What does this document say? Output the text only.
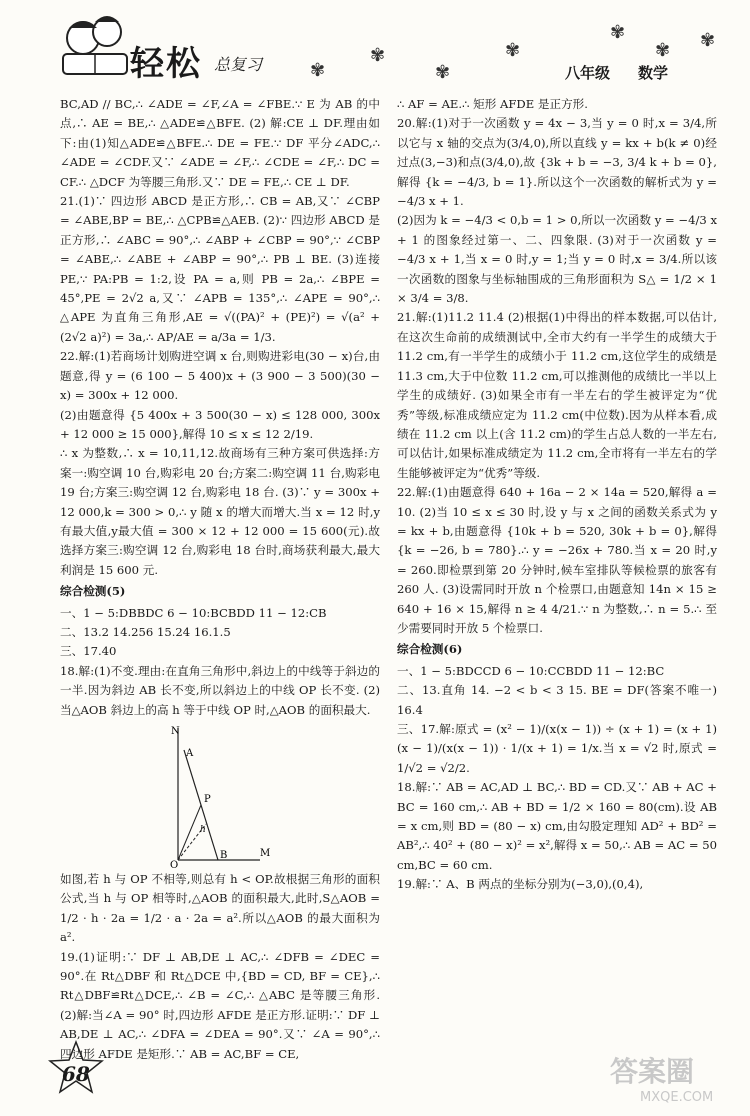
轻松 总复习	✾
✾
✾
✾
✾
✾ ✾
八年级 数学

BC,AD // BC,∴ ∠ADE = ∠F,∠A = ∠FBE.∵ E 为 AB 的中点,∴ AE = BE,∴ △ADE≌△BFE. (2) 解:CE ⊥ DF.理由如下:由(1)知△ADE≌△BFE.∴ DE = FE.∵ DF 平分∠ADC,∴ ∠ADE = ∠CDF.又∵ ∠ADE = ∠F,∴ ∠CDE = ∠F,∴ DC = CF.∴ △DCF 为等腰三角形.又∵ DE = FE,∴ CE ⊥ DF.

21.(1)∵ 四边形 ABCD 是正方形,∴ CB = AB,又∵ ∠CBP = ∠ABE,BP = BE,∴ △CPB≌△AEB. (2)∵ 四边形 ABCD 是正方形,∴ ∠ABC = 90°,∴ ∠ABP + ∠CBP = 90°,∵ ∠CBP = ∠ABE,∴ ∠ABE + ∠ABP = 90°,∴ PB ⊥ BE. (3)连接 PE,∵ PA:PB = 1:2,设 PA = a,则 PB = 2a,∴ ∠BPE = 45°,PE = 2√2 a,又∵ ∠APB = 135°,∴ ∠APE = 90°,∴ △APE 为直角三角形,AE = √((PA)² + (PE)²) = √(a² + (2√2 a)²) = 3a,∴ AP/AE = a/3a = 1/3.

22.解:(1)若商场计划购进空调 x 台,则购进彩电(30 − x)台,由题意,得 y = (6 100 − 5 400)x + (3 900 − 3 500)(30 − x) = 300x + 12 000.

(2)由题意得 {5 400x + 3 500(30 − x) ≤ 128 000, 300x + 12 000 ≥ 15 000},解得 10 ≤ x ≤ 12 2/19.

∴ x 为整数,∴ x = 10,11,12.故商场有三种方案可供选择:方案一:购空调 10 台,购彩电 20 台;方案二:购空调 11 台,购彩电 19 台;方案三:购空调 12 台,购彩电 18 台. (3)∵ y = 300x + 12 000,k = 300 > 0,∴ y 随 x 的增大而增大.当 x = 12 时,y 有最大值,y最大值 = 300 × 12 + 12 000 = 15 600(元).故选择方案三:购空调 12 台,购彩电 18 台时,商场获利最大,最大利润是 15 600 元.

综合检测(5)

一、1 − 5:DBBDC 6 − 10:BCBDD 11 − 12:CB

二、13.2 14.256 15.24 16.1.5

三、17.40

18.解:(1)不变.理由:在直角三角形中,斜边上的中线等于斜边的一半.因为斜边 AB 长不变,所以斜边上的中线 OP 长不变. (2)当△AOB 斜边上的高 h 等于中线 OP 时,△AOB 的面积最大.

N
A
P
h
O
B	M

如图,若 h 与 OP 不相等,则总有 h < OP.故根据三角形的面积公式,当 h 与 OP 相等时,△AOB 的面积最大,此时,S△AOB = 1/2 · h · 2a = 1/2 · a · 2a = a².所以△AOB 的最大面积为 a².

19.(1)证明:∵ DF ⊥ AB,DE ⊥ AC,∴ ∠DFB = ∠DEC = 90°.在 Rt△DBF 和 Rt△DCE 中,{BD = CD, BF = CE},∴ Rt△DBF≌Rt△DCE,∴ ∠B = ∠C,∴ △ABC 是等腰三角形. (2)解:当∠A = 90° 时,四边形 AFDE 是正方形.证明:∵ DF ⊥ AB,DE ⊥ AC,∴ ∠DFA = ∠DEA = 90°.又∵ ∠A = 90°,∴ 四边形 AFDE 是矩形.∵ AB = AC,BF = CE,

∴ AF = AE.∴ 矩形 AFDE 是正方形.

20.解:(1)对于一次函数 y = 4x − 3,当 y = 0 时,x = 3/4,所以它与 x 轴的交点为(3/4,0),所以直线 y = kx + b(k ≠ 0)经过点(3,−3)和点(3/4,0),故 {3k + b = −3, 3/4 k + b = 0},解得 {k = −4/3, b = 1}.所以这个一次函数的解析式为 y = −4/3 x + 1.

(2)因为 k = −4/3 < 0,b = 1 > 0,所以一次函数 y = −4/3 x + 1 的图象经过第一、二、四象限. (3)对于一次函数 y = −4/3 x + 1,当 x = 0 时,y = 1;当 y = 0 时,x = 3/4.所以该一次函数的图象与坐标轴围成的三角形面积为 S△ = 1/2 × 1 × 3/4 = 3/8.

21.解:(1)11.2 11.4 (2)根据(1)中得出的样本数据,可以估计,在这次生命前的成绩测试中,全市大约有一半学生的成绩大于 11.2 cm,有一半学生的成绩小于 11.2 cm,这位学生的成绩是 11.3 cm,大于中位数 11.2 cm,可以推测他的成绩比一半以上学生的成绩好. (3)如果全市有一半左右的学生被评定为“优秀”等级,标准成绩应定为 11.2 cm(中位数).因为从样本看,成绩在 11.2 cm 以上(含 11.2 cm)的学生占总人数的一半左右,可以估计,如果标准成绩定为 11.2 cm,全市将有一半左右的学生能够被评定为“优秀”等级.

22.解:(1)由题意得 640 + 16a − 2 × 14a = 520,解得 a = 10. (2)当 10 ≤ x ≤ 30 时,设 y 与 x 之间的函数关系式为 y = kx + b,由题意得 {10k + b = 520, 30k + b = 0},解得 {k = −26, b = 780}.∴ y = −26x + 780.当 x = 20 时,y = 260.即检票到第 20 分钟时,候车室排队等候检票的旅客有 260 人. (3)设需同时开放 n 个检票口,由题意知 14n × 15 ≥ 640 + 16 × 15,解得 n ≥ 4 4/21.∵ n 为整数,∴ n = 5.∴ 至少需要同时开放 5 个检票口.

综合检测(6)

一、1 − 5:BDCCD 6 − 10:CCBDD 11 − 12:BC

二、13.直角 14. −2 < b < 3 15. BE = DF(答案不唯一) 16.4

三、17.解:原式 = (x² − 1)/(x(x − 1)) ÷ (x + 1) = (x + 1)(x − 1)/(x(x − 1)) · 1/(x + 1) = 1/x.当 x = √2 时,原式 = 1/√2 = √2/2.

18.解:∵ AB = AC,AD ⊥ BC,∴ BD = CD.又∵ AB + AC + BC = 160 cm,∴ AB + BD = 1/2 × 160 = 80(cm).设 AB = x cm,则 BD = (80 − x) cm,由勾股定理知 AD² + BD² = AB²,∴ 40² + (80 − x)² = x²,解得 x = 50,∴ AB = AC = 50 cm,BC = 60 cm.

19.解:∵ A、B 两点的坐标分别为(−3,0),(0,4),

68	答案圈
MXQE.COM
